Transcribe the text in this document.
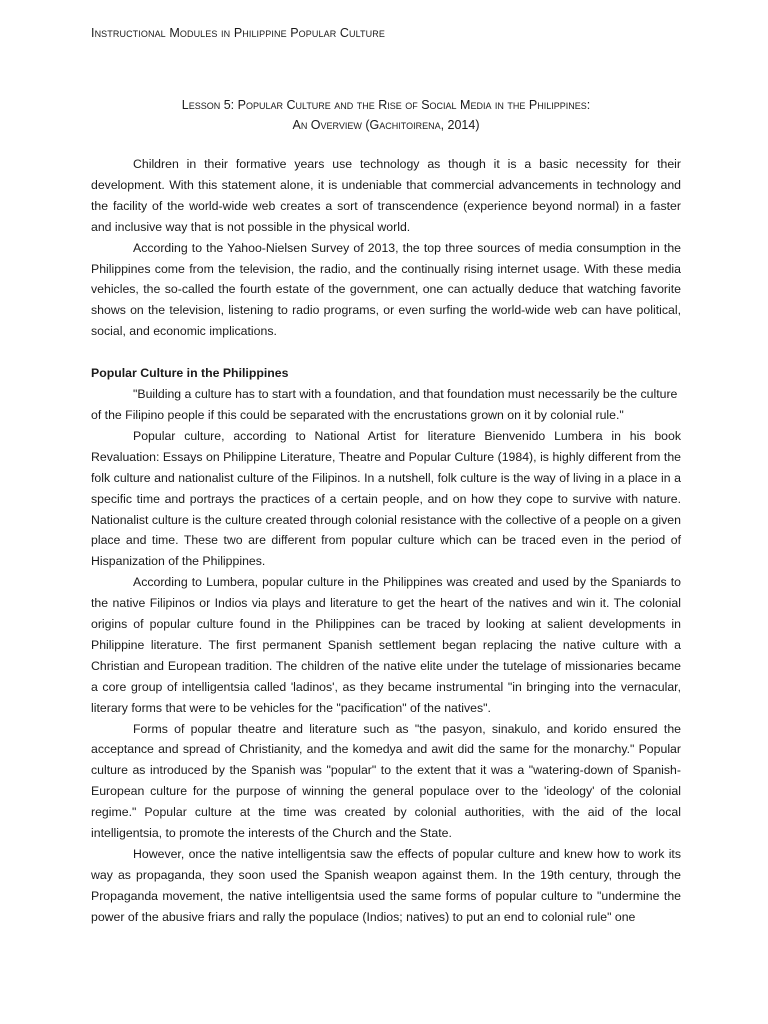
Instructional Modules in Philippine Popular Culture
Lesson 5: Popular Culture and the Rise of Social Media in the Philippines:
An Overview (Gachitoirena, 2014)

Children in their formative years use technology as though it is a basic necessity for their development. With this statement alone, it is undeniable that commercial advancements in technology and the facility of the world-wide web creates a sort of transcendence (experience beyond normal) in a faster and inclusive way that is not possible in the physical world.

According to the Yahoo-Nielsen Survey of 2013, the top three sources of media consumption in the Philippines come from the television, the radio, and the continually rising internet usage. With these media vehicles, the so-called the fourth estate of the government, one can actually deduce that watching favorite shows on the television, listening to radio programs, or even surfing the world-wide web can have political, social, and economic implications.

Popular Culture in the Philippines

"Building a culture has to start with a foundation, and that foundation must necessarily be the culture of the Filipino people if this could be separated with the encrustations grown on it by colonial rule."

Popular culture, according to National Artist for literature Bienvenido Lumbera in his book Revaluation: Essays on Philippine Literature, Theatre and Popular Culture (1984), is highly different from the folk culture and nationalist culture of the Filipinos. In a nutshell, folk culture is the way of living in a place in a specific time and portrays the practices of a certain people, and on how they cope to survive with nature. Nationalist culture is the culture created through colonial resistance with the collective of a people on a given place and time. These two are different from popular culture which can be traced even in the period of Hispanization of the Philippines.

According to Lumbera, popular culture in the Philippines was created and used by the Spaniards to the native Filipinos or Indios via plays and literature to get the heart of the natives and win it. The colonial origins of popular culture found in the Philippines can be traced by looking at salient developments in Philippine literature. The first permanent Spanish settlement began replacing the native culture with a Christian and European tradition. The children of the native elite under the tutelage of missionaries became a core group of intelligentsia called 'ladinos', as they became instrumental "in bringing into the vernacular, literary forms that were to be vehicles for the "pacification" of the natives".

Forms of popular theatre and literature such as "the pasyon, sinakulo, and korido ensured the acceptance and spread of Christianity, and the komedya and awit did the same for the monarchy." Popular culture as introduced by the Spanish was "popular" to the extent that it was a "watering-down of Spanish-European culture for the purpose of winning the general populace over to the 'ideology' of the colonial regime." Popular culture at the time was created by colonial authorities, with the aid of the local intelligentsia, to promote the interests of the Church and the State.

However, once the native intelligentsia saw the effects of popular culture and knew how to work its way as propaganda, they soon used the Spanish weapon against them. In the 19th century, through the Propaganda movement, the native intelligentsia used the same forms of popular culture to "undermine the power of the abusive friars and rally the populace (Indios; natives) to put an end to colonial rule" one
